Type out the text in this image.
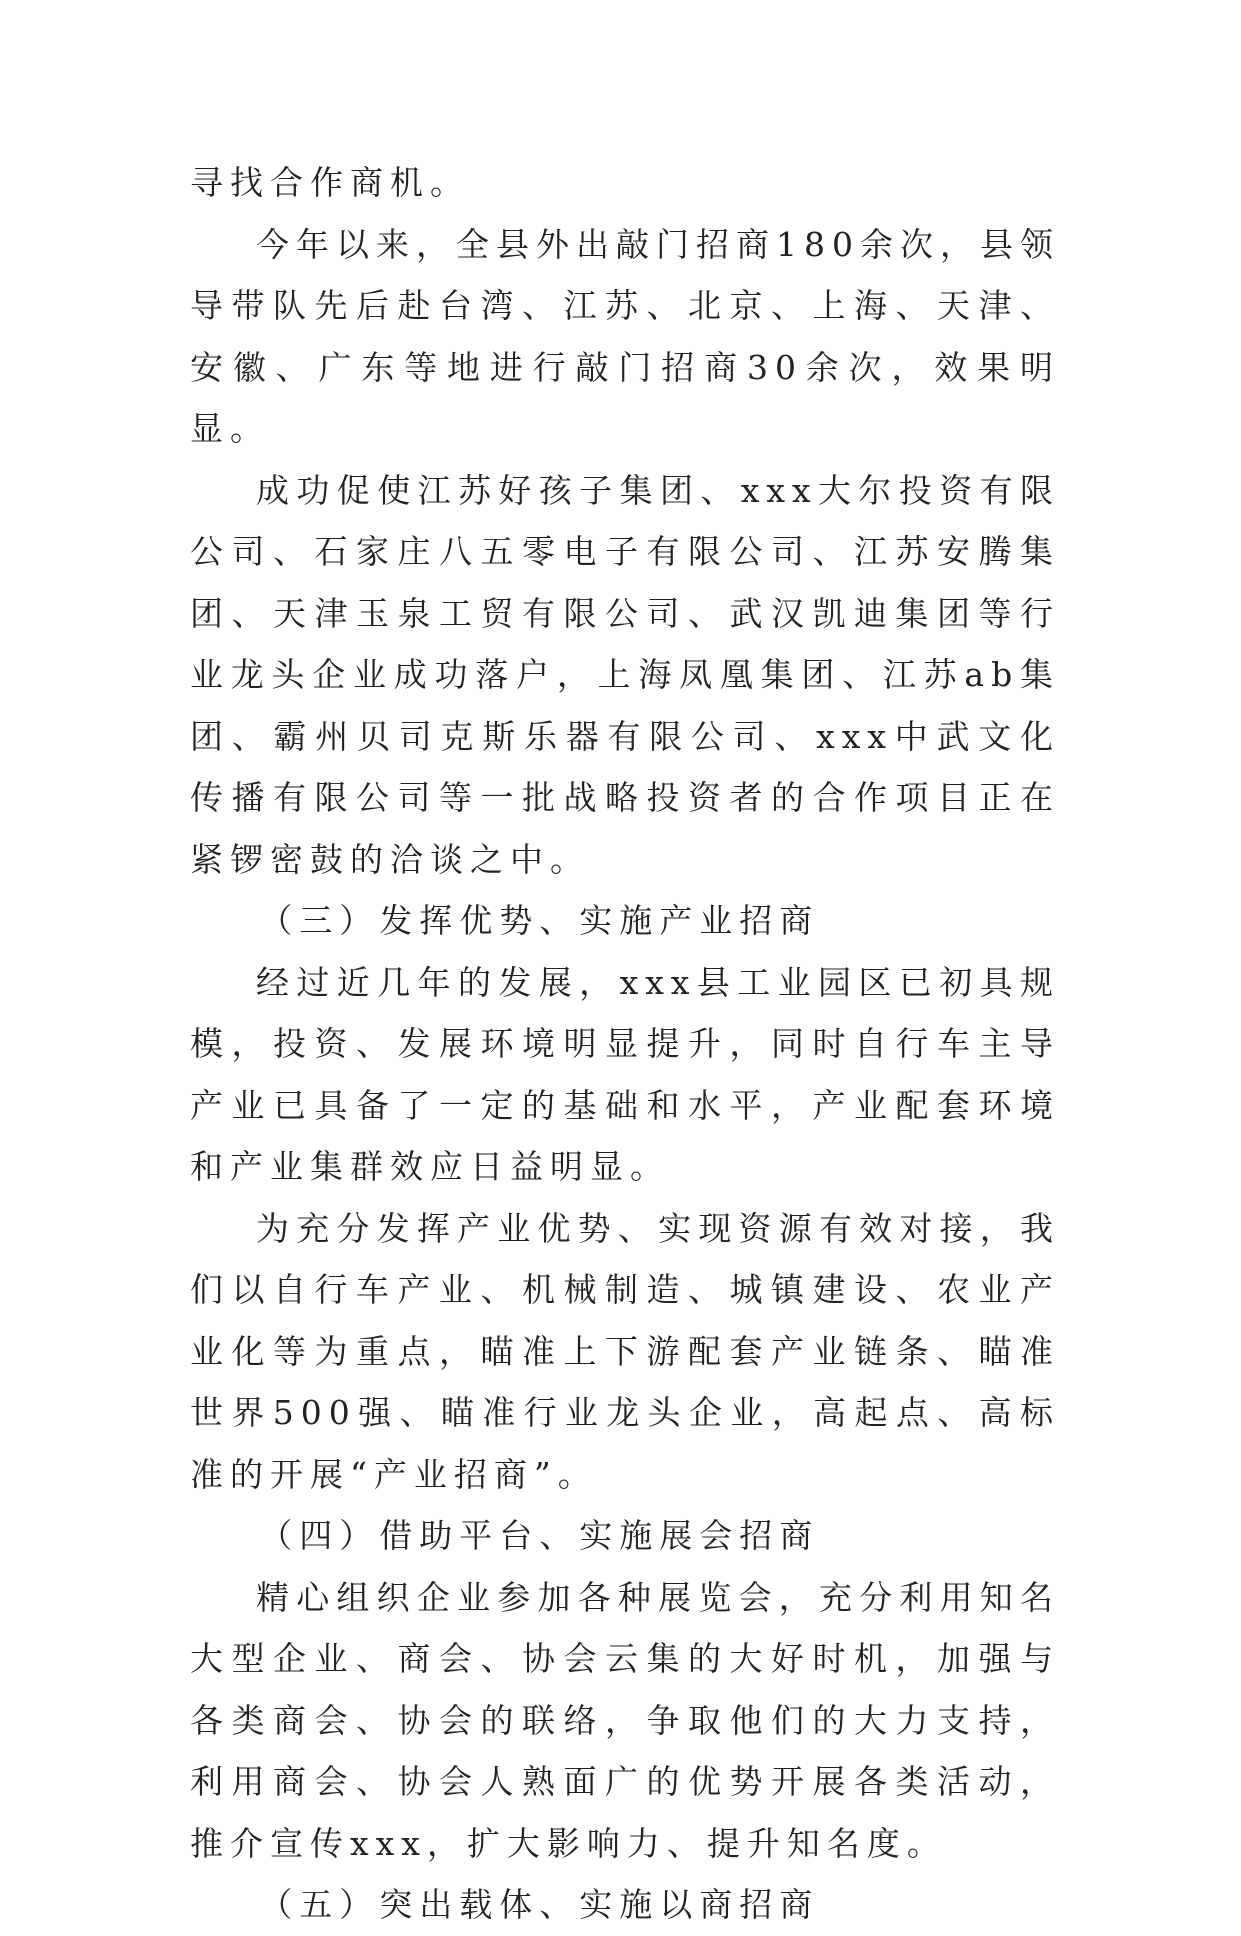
寻找合作商机。

今年以来，全县外出敲门招商180余次，县领导带队先后赴台湾、江苏、北京、上海、天津、安徽、广东等地进行敲门招商30余次，效果明显。

成功促使江苏好孩子集团、xxx大尔投资有限公司、石家庄八五零电子有限公司、江苏安腾集团、天津玉泉工贸有限公司、武汉凯迪集团等行业龙头企业成功落户，上海凤凰集团、江苏ab集团、霸州贝司克斯乐器有限公司、xxx中武文化传播有限公司等一批战略投资者的合作项目正在紧锣密鼓的洽谈之中。

（三）发挥优势、实施产业招商

经过近几年的发展，xxx县工业园区已初具规模，投资、发展环境明显提升，同时自行车主导产业已具备了一定的基础和水平，产业配套环境和产业集群效应日益明显。

为充分发挥产业优势、实现资源有效对接，我们以自行车产业、机械制造、城镇建设、农业产业化等为重点，瞄准上下游配套产业链条、瞄准世界500强、瞄准行业龙头企业，高起点、高标准的开展“产业招商”。

（四）借助平台、实施展会招商

精心组织企业参加各种展览会，充分利用知名大型企业、商会、协会云集的大好时机，加强与各类商会、协会的联络，争取他们的大力支持，利用商会、协会人熟面广的优势开展各类活动，推介宣传xxx，扩大影响力、提升知名度。

（五）突出载体、实施以商招商
